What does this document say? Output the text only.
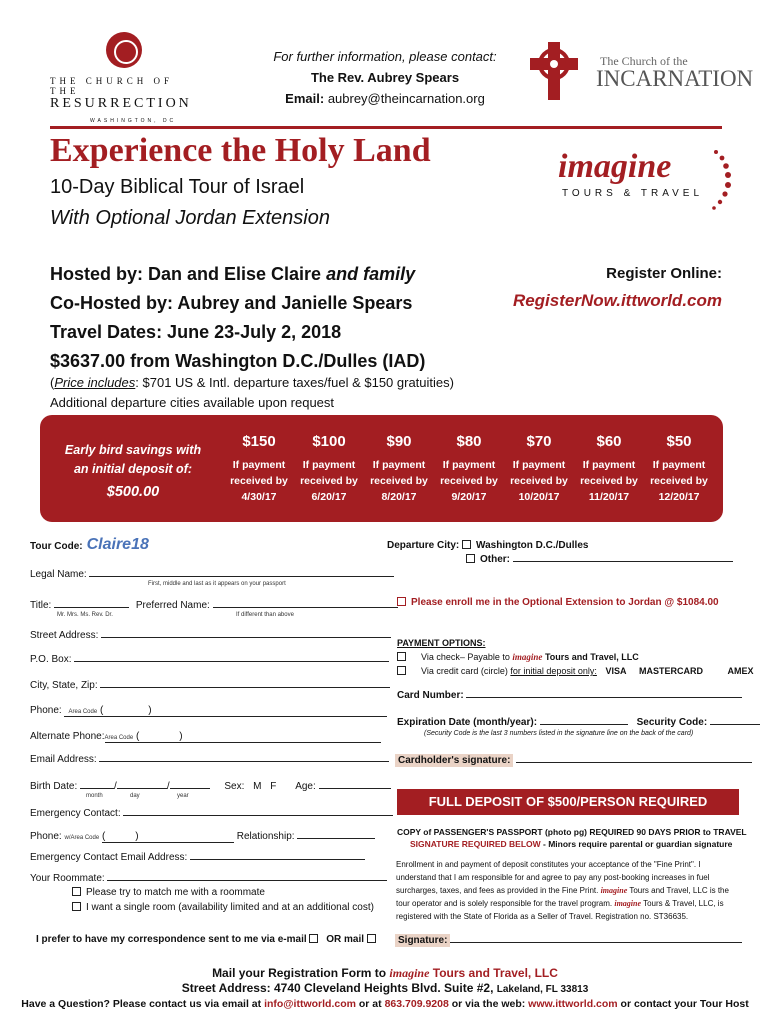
THE CHURCH OF THE
RESURRECTION
WASHINGTON, DC
For further information, please contact:
The Rev. Aubrey Spears
Email: aubrey@theincarnation.org
The Church of the
INCARNATION
Experience the Holy Land
10-Day Biblical Tour of Israel
With Optional Jordan Extension
imagine
TOURS & TRAVEL
Hosted by: Dan and Elise Claire and family
Co-Hosted by: Aubrey and Janielle Spears
Travel Dates: June 23-July 2, 2018
$3637.00 from Washington D.C./Dulles (IAD)
Register Online:
RegisterNow.ittworld.com
(Price includes: $701 US & Intl. departure taxes/fuel & $150 gratuities)
Additional departure cities available upon request
Early bird savings with
an initial deposit of:
$500.00
$150
If payment
received by
4/30/17
$100
If payment
received by
6/20/17
$90
If payment
received by
8/20/17
$80
If payment
received by
9/20/17
$70
If payment
received by
10/20/17
$60
If payment
received by
11/20/17
$50
If payment
received by
12/20/17
Tour Code: Claire18
Legal Name:
First, middle and last as it appears on your passport
Title:	Preferred Name:
Mr. Mrs. Ms. Rev. Dr.	If different than above
Street Address:
P.O. Box:
City, State, Zip:
Phone: Area Code (	)
Alternate Phone:Area Code (	)
Email Address:
Birth Date:	/	/	Sex: M F Age:
month	day	year
Emergency Contact:
Phone: w/Area Code (	)	Relationship:
Emergency Contact Email Address:
Your Roommate:
Please try to match me with a roommate
I want a single room (availability limited and at an additional cost)
I prefer to have my correspondence sent to me via e-mail OR mail
Departure City: Washington D.C./Dulles
Other:
Please enroll me in the Optional Extension to Jordan @ $1084.00
PAYMENT OPTIONS:
Via check– Payable to imagine Tours and Travel, LLC
Via credit card (circle) for initial deposit only: VISA MASTERCARD	AMEX
Card Number:
Expiration Date (month/year):	Security Code:
(Security Code is the last 3 numbers listed in the signature line on the back of the card)
Cardholder's signature:
FULL DEPOSIT OF $500/PERSON REQUIRED
COPY of PASSENGER'S PASSPORT (photo pg) REQUIRED 90 DAYS PRIOR to TRAVEL
SIGNATURE REQUIRED BELOW - Minors require parental or guardian signature
Enrollment in and payment of deposit constitutes your acceptance of the "Fine Print". I understand that I am responsible for and agree to pay any post-booking increases in fuel surcharges, taxes, and fees as provided in the Fine Print. imagine Tours and Travel, LLC is the tour operator and is solely responsible for the travel program. imagine Tours & Travel, LLC, is registered with the State of Florida as a Seller of Travel. Registration no. ST36635.
Signature:
Mail your Registration Form to imagine Tours and Travel, LLC
Street Address: 4740 Cleveland Heights Blvd. Suite #2, Lakeland, FL 33813
Have a Question? Please contact us via email at info@ittworld.com or at 863.709.9208 or via the web: www.ittworld.com or contact your Tour Host
